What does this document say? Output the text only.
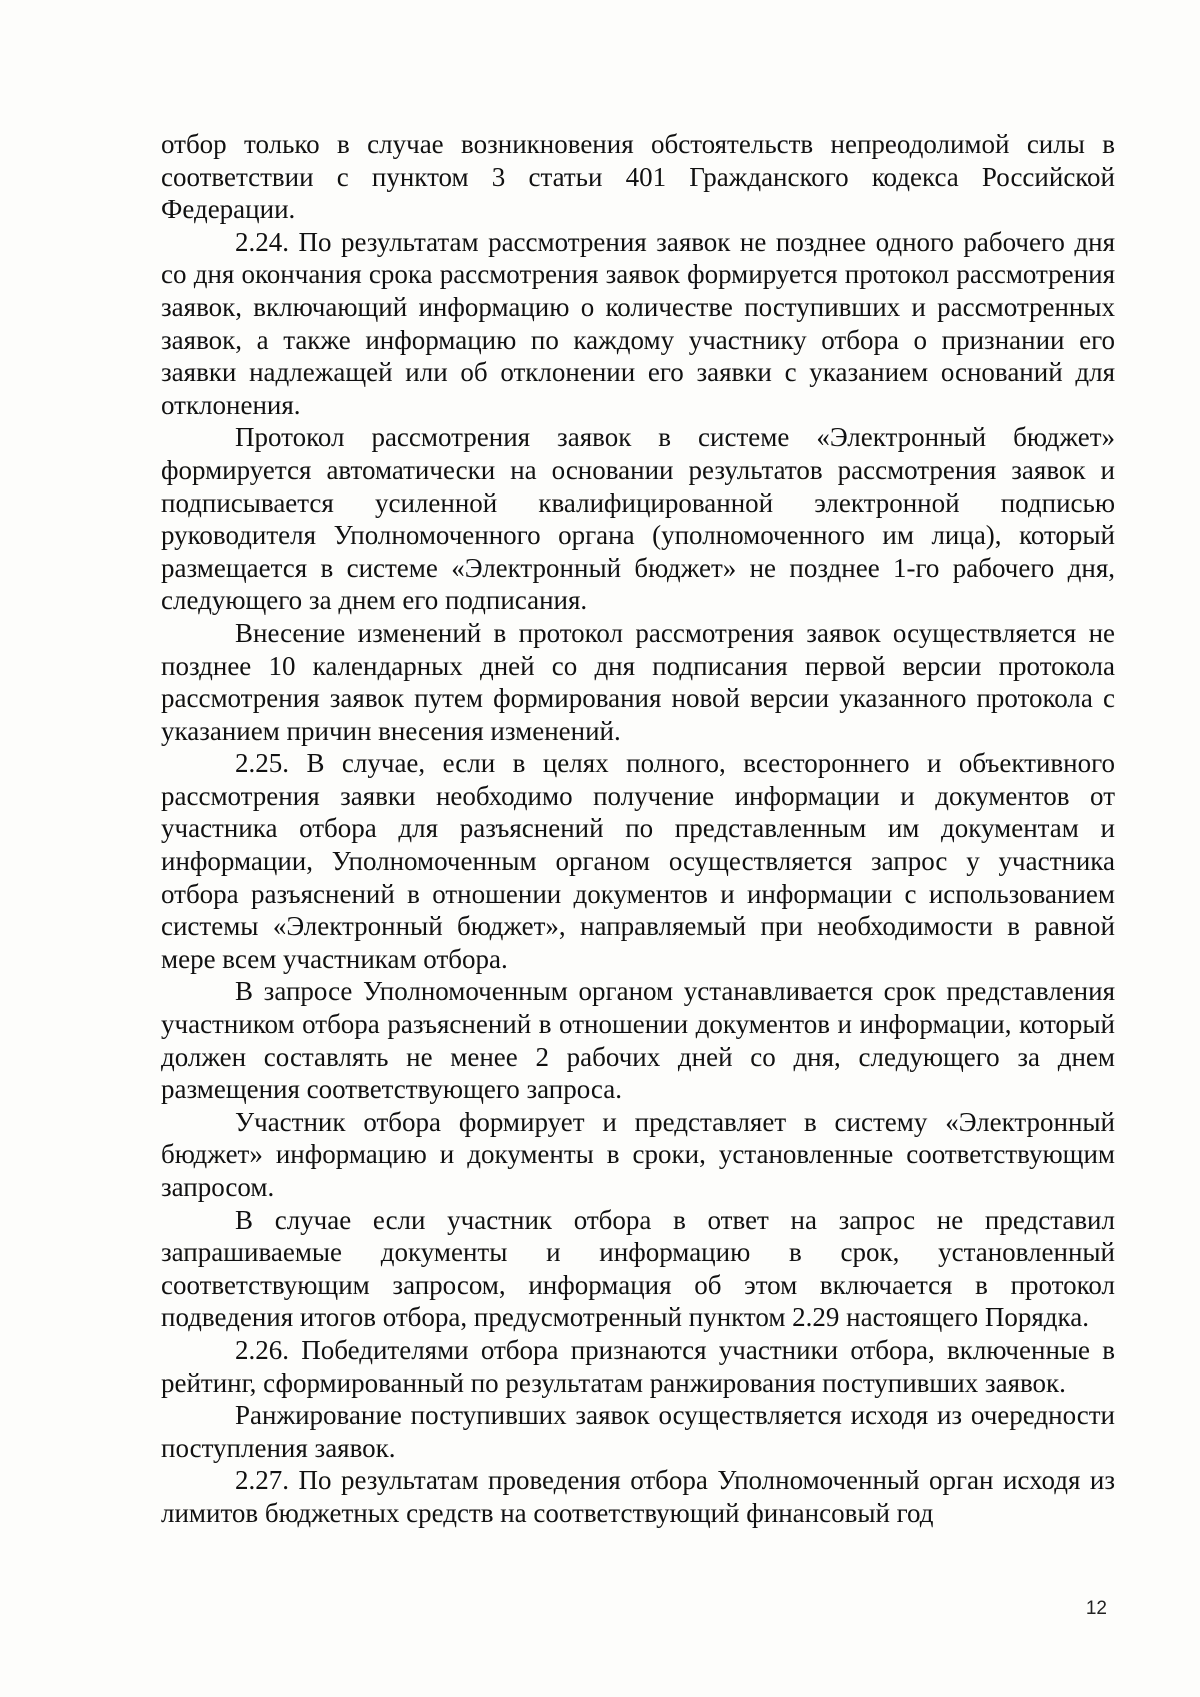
отбор только в случае возникновения обстоятельств непреодолимой силы в соответствии с пунктом 3 статьи 401 Гражданского кодекса Российской Федерации.

2.24. По результатам рассмотрения заявок не позднее одного рабочего дня со дня окончания срока рассмотрения заявок формируется протокол рассмотрения заявок, включающий информацию о количестве поступивших и рассмотренных заявок, а также информацию по каждому участнику отбора о признании его заявки надлежащей или об отклонении его заявки с указанием оснований для отклонения.

Протокол рассмотрения заявок в системе «Электронный бюджет» формируется автоматически на основании результатов рассмотрения заявок и подписывается усиленной квалифицированной электронной подписью руководителя Уполномоченного органа (уполномоченного им лица), который размещается в системе «Электронный бюджет» не позднее 1-го рабочего дня, следующего за днем его подписания.

Внесение изменений в протокол рассмотрения заявок осуществляется не позднее 10 календарных дней со дня подписания первой версии протокола рассмотрения заявок путем формирования новой версии указанного протокола с указанием причин внесения изменений.

2.25. В случае, если в целях полного, всестороннего и объективного рассмотрения заявки необходимо получение информации и документов от участника отбора для разъяснений по представленным им документам и информации, Уполномоченным органом осуществляется запрос у участника отбора разъяснений в отношении документов и информации с использованием системы «Электронный бюджет», направляемый при необходимости в равной мере всем участникам отбора.

В запросе Уполномоченным органом устанавливается срок представления участником отбора разъяснений в отношении документов и информации, который должен составлять не менее 2 рабочих дней со дня, следующего за днем размещения соответствующего запроса.

Участник отбора формирует и представляет в систему «Электронный бюджет» информацию и документы в сроки, установленные соответствующим запросом.

В случае если участник отбора в ответ на запрос не представил запрашиваемые документы и информацию в срок, установленный соответствующим запросом, информация об этом включается в протокол подведения итогов отбора, предусмотренный пунктом 2.29 настоящего Порядка.

2.26. Победителями отбора признаются участники отбора, включенные в рейтинг, сформированный по результатам ранжирования поступивших заявок.

Ранжирование поступивших заявок осуществляется исходя из очередности поступления заявок.

2.27. По результатам проведения отбора Уполномоченный орган исходя из лимитов бюджетных средств на соответствующий финансовый год

12
